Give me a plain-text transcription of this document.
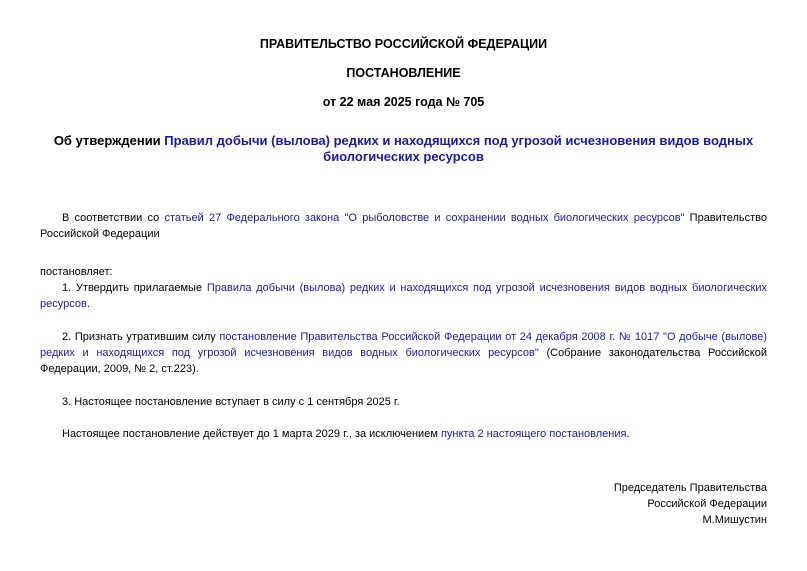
ПРАВИТЕЛЬСТВО РОССИЙСКОЙ ФЕДЕРАЦИИ
ПОСТАНОВЛЕНИЕ
от 22 мая 2025 года № 705
Об утверждении Правил добычи (вылова) редких и находящихся под угрозой исчезновения видов водных биологических ресурсов

В соответствии со статьей 27 Федерального закона "О рыболовстве и сохранении водных биологических ресурсов" Правительство Российской Федерации

постановляет:

1. Утвердить прилагаемые Правила добычи (вылова) редких и находящихся под угрозой исчезновения видов водных биологических ресурсов.

2. Признать утратившим силу постановление Правительства Российской Федерации от 24 декабря 2008 г. № 1017 "О добыче (вылове) редких и находящихся под угрозой исчезновения видов водных биологических ресурсов" (Собрание законодательства Российской Федерации, 2009, № 2, ст.223).

3. Настоящее постановление вступает в силу с 1 сентября 2025 г.

Настоящее постановление действует до 1 марта 2029 г., за исключением пункта 2 настоящего постановления.

Председатель Правительства
Российской Федерации
М.Мишустин
